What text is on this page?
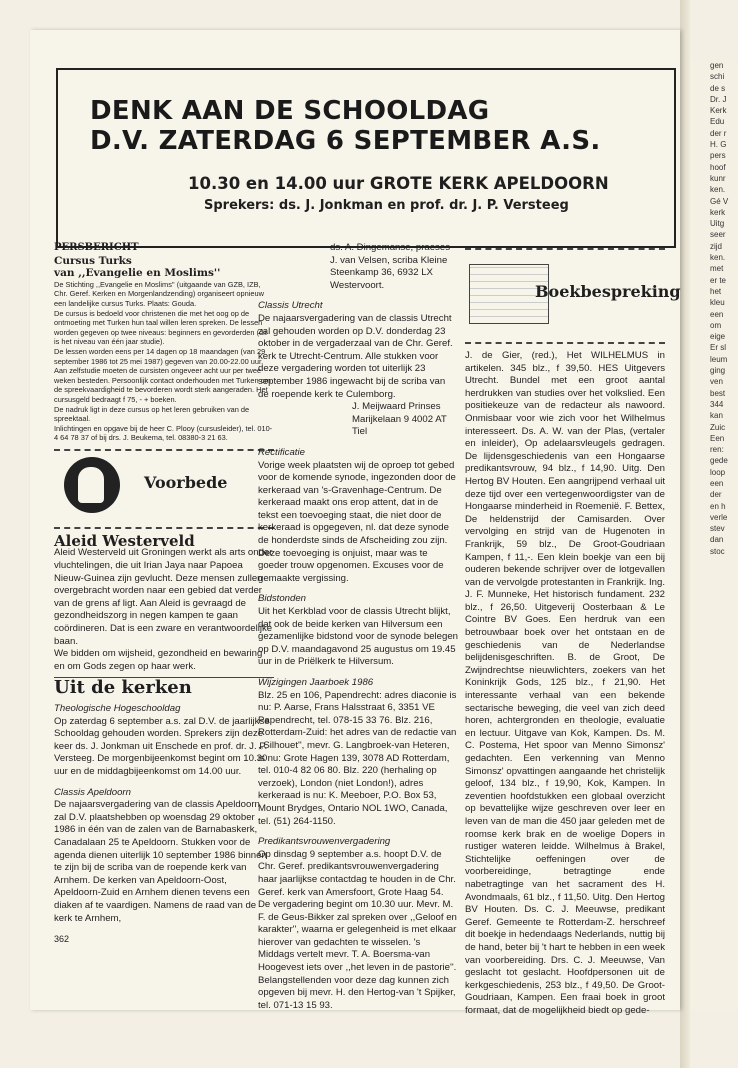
gen
schi
de s
Dr. J
Kerk
Edu
der r
H. G
pers
hoof
kunr
ken.
Gé V
kerk
Uitg
seer
zijd
ken.
met
er te
het
kleu
een
om
eige
Er sl
leum
ging
ven
best
344
kan
Zuic
Een
ren:
gede
loop
een
der
en h
verle
stev
dan
stoc
DENK AAN DE SCHOOLDAG
D.V. ZATERDAG 6 SEPTEMBER A.S.
10.30 en 14.00 uur GROTE KERK APELDOORN
Sprekers: ds. J. Jonkman en prof. dr. J. P. Versteeg
PERSBERICHT
Cursus Turks
van ,,Evangelie en Moslims''

De Stichting ,,Evangelie en Moslims'' (uitgaande van GZB, IZB, Chr. Geref. Kerken en Morgenlandzending) organiseert opnieuw een landelijke cursus Turks. Plaats: Gouda.

De cursus is bedoeld voor christenen die met het oog op de ontmoeting met Turken hun taal willen leren spreken. De lessen worden gegeven op twee niveaus: beginners en gevorderden (dit is het niveau van één jaar studie).

De lessen worden eens per 14 dagen op 18 maandagen (van 29 september 1986 tot 25 mei 1987) gegeven van 20.00-22.00 uur. Aan zelfstudie moeten de cursisten ongeveer acht uur per twee weken besteden. Persoonlijk contact onderhouden met Turken om de spreekvaardigheid te bevorderen wordt sterk aangeraden. Het cursusgeld bedraagt f 75, - + boeken.

De nadruk ligt in deze cursus op het leren gebruiken van de spreektaal.

Inlichtingen en opgave bij de heer C. Plooy (cursusleider), tel. 010-4 64 78 37 of bij drs. J. Beukema, tel. 08380-3 21 63.

Voorbede
Aleid Westerveld

Aleid Westerveld uit Groningen werkt als arts onder vluchtelingen, die uit Irian Jaya naar Papoea Nieuw-Guinea zijn gevlucht. Deze mensen zullen overgebracht worden naar een gebied dat verder van de grens af ligt. Aan Aleid is gevraagd de gezondheidszorg in negen kampen te gaan coördineren. Dat is een zware en verantwoordelijke baan.

We bidden om wijsheid, gezondheid en bewaring en om Gods zegen op haar werk.

Uit de kerken
Theologische Hogeschooldag

Op zaterdag 6 september a.s. zal D.V. de jaarlijkse Schooldag gehouden worden. Sprekers zijn deze keer ds. J. Jonkman uit Enschede en prof. dr. J. P. Versteeg. De morgenbijeenkomst begint om 10.30 uur en de middagbijeenkomst om 14.00 uur.

Classis Apeldoorn

De najaarsvergadering van de classis Apeldoorn zal D.V. plaatshebben op woensdag 29 oktober 1986 in één van de zalen van de Barnabaskerk, Canadalaan 25 te Apeldoorn. Stukken voor de agenda dienen uiterlijk 10 september 1986 binnen te zijn bij de scriba van de roepende kerk van Arnhem. De kerken van Apeldoorn-Oost, Apeldoorn-Zuid en Arnhem dienen tevens een diaken af te vaardigen. Namens de raad van de kerk te Arnhem,

362

ds. A. Dingemanse, praeses J. van Velsen, scriba Kleine Steenkamp 36, 6932 LX Westervoort.

Classis Utrecht

De najaarsvergadering van de classis Utrecht zal gehouden worden op D.V. donderdag 23 oktober in de vergaderzaal van de Chr. Geref. kerk te Utrecht-Centrum. Alle stukken voor deze vergadering worden tot uiterlijk 23 september 1986 ingewacht bij de scriba van de roepende kerk te Culemborg.

J. Meijwaard Prinses Marijkelaan 9 4002 AT Tiel

Rectificatie

Vorige week plaatsten wij de oproep tot gebed voor de komende synode, ingezonden door de kerkeraad van 's-Gravenhage-Centrum. De kerkeraad maakt ons erop attent, dat in de tekst een toevoeging staat, die niet door de kerkeraad is opgegeven, nl. dat deze synode de honderdste sinds de Afscheiding zou zijn. Deze toevoeging is onjuist, maar was te goeder trouw opgenomen. Excuses voor de gemaakte vergissing.

Bidstonden

Uit het Kerkblad voor de classis Utrecht blijkt, dat ook de beide kerken van Hilversum een gezamenlijke bidstond voor de synode belegen op D.V. maandagavond 25 augustus om 19.45 uur in de Priëlkerk te Hilversum.

Wijzigingen Jaarboek 1986

Blz. 25 en 106, Papendrecht: adres diaconie is nu: P. Aarse, Frans Halsstraat 6, 3351 VE Papendrecht, tel. 078-15 33 76. Blz. 216, Rotterdam-Zuid: het adres van de redactie van ,,Silhouet'', mevr. G. Langbroek-van Heteren, is nu: Grote Hagen 139, 3078 AD Rotterdam, tel. 010-4 82 06 80. Blz. 220 (herhaling op verzoek), London (niet London!), adres kerkeraad is nu: K. Meeboer, P.O. Box 53, Mount Brydges, Ontario NOL 1WO, Canada, tel. (51) 264-1150.

Predikantsvrouwenvergadering

Op dinsdag 9 september a.s. hoopt D.V. de Chr. Geref. predikantsvrouwenvergadering haar jaarlijkse contactdag te houden in de Chr. Geref. kerk van Amersfoort, Grote Haag 54. De vergadering begint om 10.30 uur. Mevr. M. F. de Geus-Bikker zal spreken over ,,Geloof en karakter'', waarna er gelegenheid is met elkaar hierover van gedachten te wisselen. 's Middags vertelt mevr. T. A. Boersma-van Hoogevest iets over ,,het leven in de pastorie''. Belangstellenden voor deze dag kunnen zich opgeven bij mevr. H. den Hertog-van 't Spijker, tel. 071-13 15 93.

Boekbespreking

J. de Gier, (red.), Het WILHELMUS in artikelen. 345 blz., f 39,50. HES Uitgevers Utrecht. Bundel met een groot aantal herdrukken van studies over het volkslied. Een positiekeuze van de redacteur als nawoord. Onmisbaar voor wie zich voor het Wilhelmus interesseert. Ds. A. W. van der Plas, (vertaler en inleider), Op adelaarsvleugels gedragen. De lijdensgeschiedenis van een Hongaarse predikantsvrouw, 94 blz., f 14,90. Uitg. Den Hertog BV Houten. Een aangrijpend verhaal uit deze tijd over een vertegenwoordigster van de Hongaarse minderheid in Roemenië. F. Bettex, De heldenstrijd der Camisarden. Over vervolging en strijd van de Hugenoten in Frankrijk, 59 blz., De Groot-Goudriaan Kampen, f 11,-. Een klein boekje van een bij ouderen bekende schrijver over de lotgevallen van de vervolgde protestanten in Frankrijk. Ing. J. F. Munneke, Het historisch fundament. 232 blz., f 26,50. Uitgeverij Oosterbaan & Le Cointre BV Goes. Een herdruk van een betrouwbaar boek over het ontstaan en de geschiedenis van de Nederlandse belijdenisgeschriften. B. de Groot, De Zwijndrechtse nieuwlichters, zoekers van het Koninkrijk Gods, 125 blz., f 21,90. Het interessante verhaal van een bekende sectarische beweging, die veel van zich deed horen, achtergronden en theologie, evaluatie en lectuur. Uitgave van Kok, Kampen. Ds. M. C. Postema, Het spoor van Menno Simonsz' gedachten. Een verkenning van Menno Simonsz' opvattingen aangaande het christelijk geloof, 134 blz., f 19,90, Kok, Kampen. In zeventien hoofdstukken een globaal overzicht op bevattelijke wijze geschreven over leer en leven van de man die 450 jaar geleden met de roomse kerk brak en de woelige Dopers in rustiger wateren leidde. Wilhelmus à Brakel, Stichtelijke oeffeningen over de voorbereidinge, betragtinge ende nabetragtinge van het sacrament des H. Avondmaals, 61 blz., f 11,50. Uitg. Den Hertog BV Houten. Ds. C. J. Meeuwse, predikant Geref. Gemeente te Rotterdam-Z. herschreef dit boekje in hedendaags Nederlands, nuttig bij de hand, beter bij 't hart te hebben in een week van voorbereiding. Drs. C. J. Meeuwse, Van geslacht tot geslacht. Hoofdpersonen uit de kerkgeschiedenis, 253 blz., f 49,50. De Groot-Goudriaan, Kampen. Een fraai boek in groot formaat, dat de mogelijkheid biedt op gede-
